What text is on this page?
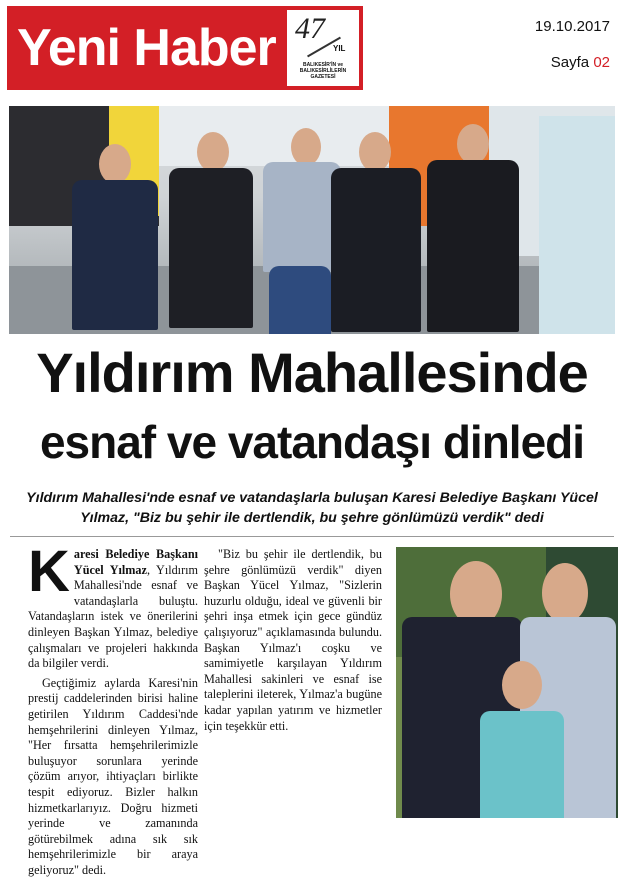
Yeni Haber 47
YIL
BALIKESİR'İN ve BALIKESİRLİLERİN GAZETESİ
19.10.2017
Sayfa 02
Yıldırım Mahallesinde
esnaf ve vatandaşı dinledi
Yıldırım Mahallesi'nde esnaf ve vatandaşlarla buluşan Karesi Belediye Başkanı Yücel Yılmaz, "Biz bu şehir ile dertlendik, bu şehre gönlümüzü verdik" dedi

Karesi Belediye Başkanı Yücel Yılmaz, Yıldırım Mahallesi'nde esnaf ve vatandaşlarla buluştu. Vatandaşların istek ve önerilerini dinleyen Başkan Yılmaz, belediye çalışmaları ve projeleri hakkında da bilgiler verdi.

Geçtiğimiz aylarda Karesi'nin prestij caddelerinden birisi haline getirilen Yıldırım Caddesi'nde hemşehrilerini dinleyen Yılmaz, "Her fırsatta hemşehrilerimizle buluşuyor sorunlara yerinde çözüm arıyor, ihtiyaçları birlikte tespit ediyoruz. Bizler halkın hizmetkarlarıyız. Doğru hizmeti yerinde ve zamanında götürebilmek adına sık sık hemşehrilerimizle bir araya geliyoruz" dedi.

"Biz bu şehir ile dertlendik, bu şehre gönlümüzü verdik" diyen Başkan Yücel Yılmaz, "Sizlerin huzurlu olduğu, ideal ve güvenli bir şehri inşa etmek için gece gündüz çalışıyoruz" açıklamasında bulundu. Başkan Yılmaz'ı coşku ve samimiyetle karşılayan Yıldırım Mahallesi sakinleri ve esnaf ise taleplerini ileterek, Yılmaz'a bugüne kadar yapılan yatırım ve hizmetler için teşekkür etti.
